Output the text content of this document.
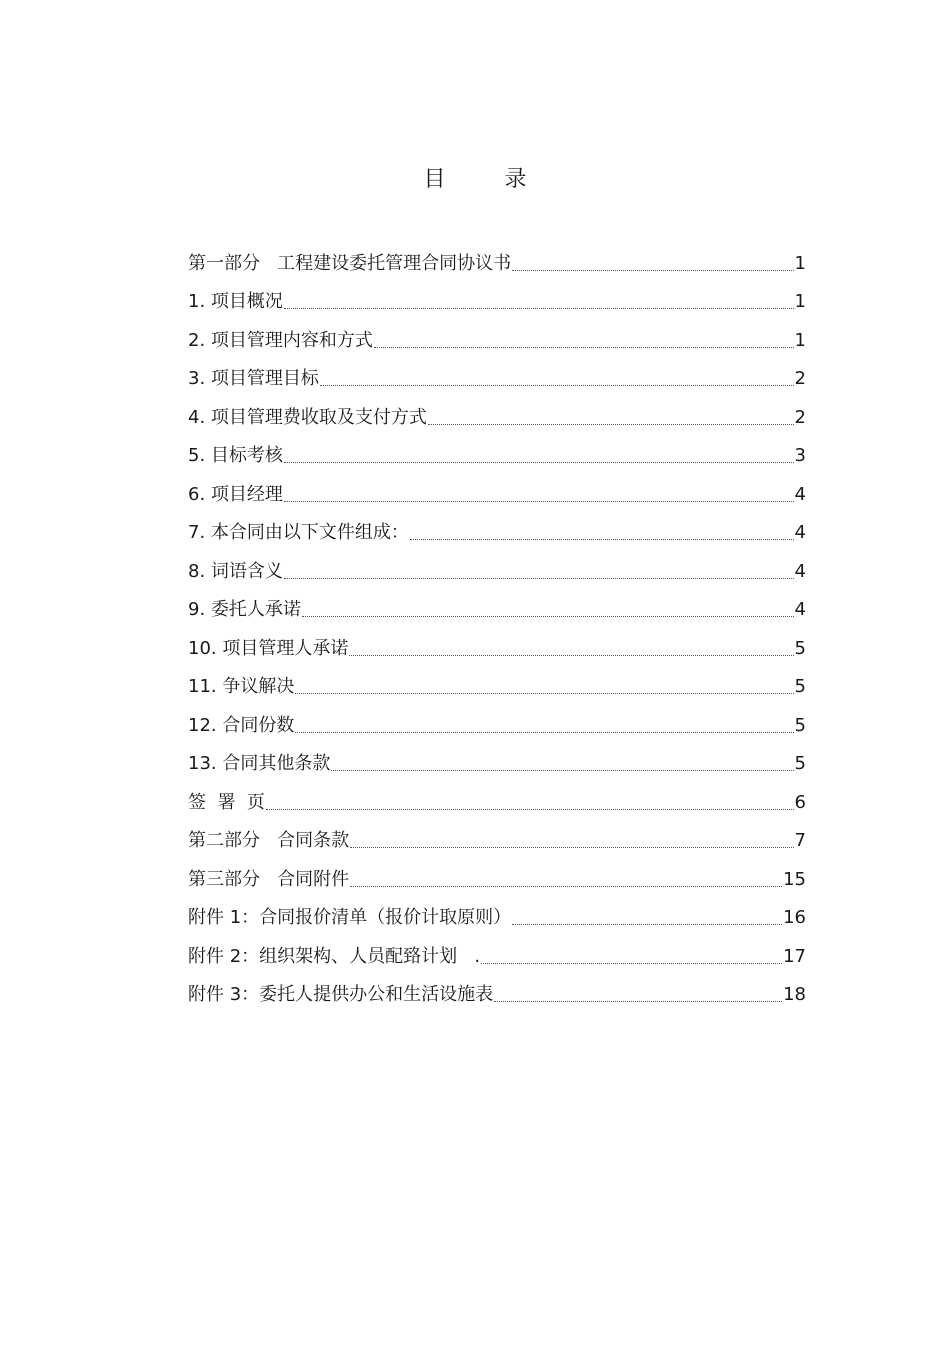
目 录
第一部分   工程建设委托管理合同协议书	1
1. 项目概况	1
2. 项目管理内容和方式	1
3. 项目管理目标	2
4. 项目管理费收取及支付方式	2
5. 目标考核	3
6. 项目经理	4
7. 本合同由以下文件组成：	4
8. 词语含义	4
9. 委托人承诺	4
10. 项目管理人承诺	5
11. 争议解决	5
12. 合同份数	5
13. 合同其他条款	5
签  署  页	6
第二部分   合同条款	7
第三部分   合同附件	15
附件 1：合同报价清单（报价计取原则）	16
附件 2：组织架构、人员配臵计划   .	17
附件 3：委托人提供办公和生活设施表	18
